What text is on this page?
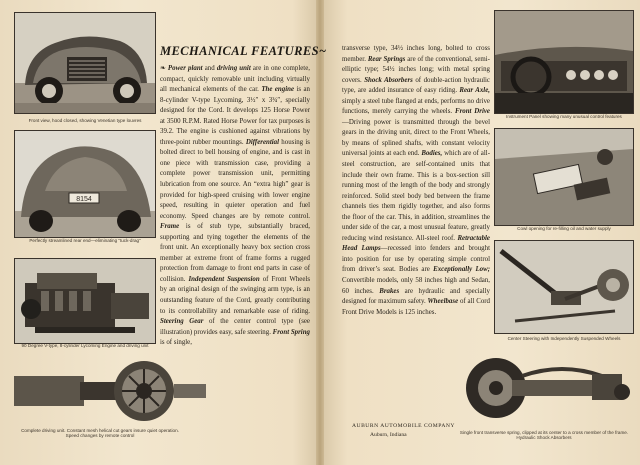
Front view, hood closed, showing Venetian type louvres
8154
Perfectly streamlined rear end—eliminating “tuck-drag”
90 Degree V-type, 8-cylinder Lycoming Engine and driving unit
Complete driving unit. Constant mesh helical cut gears insure quiet operation. Speed changes by remote control
MECHANICAL FEATURES~

❧ Power plant and driving unit are in one complete, compact, quickly removable unit including virtually all mechanical elements of the car. The engine is an 8-cylinder V-type Lycoming, 3½″ x 3¾″, specially designed for the Cord. It develops 125 Horse Power at 3500 R.P.M. Rated Horse Power for tax purposes is 39.2. The engine is cushioned against vibrations by three-point rubber mountings. Differential housing is bolted direct to bell housing of engine, and is cast in one piece with transmission case, providing a complete power transmission unit, permitting lubrication from one source. An “extra high” gear is provided for high-speed cruising with lower engine speed, resulting in quieter operation and fuel economy. Speed changes are by remote control. Frame is of stub type, substantially braced, supporting and tying together the elements of the front unit. An exceptionally heavy box section cross member at extreme front of frame forms a rugged protection from damage to front end parts in case of collision. Independent Suspension of Front Wheels by an original design of the swinging arm type, is an outstanding feature of the Cord, greatly contributing to its controllability and remarkable ease of riding. Steering Gear of the center control type (see illustration) provides easy, safe steering. Front Spring is of single,

transverse type, 34½ inches long, bolted to cross member. Rear Springs are of the conventional, semi-elliptic type; 54½ inches long; with metal spring covers. Shock Absorbers of double-action hydraulic type, are added insurance of easy riding. Rear Axle, simply a steel tube flanged at ends, performs no drive functions, merely carrying the wheels. Front Drive—Driving power is transmitted through the bevel gears in the driving unit, direct to the Front Wheels, by means of splined shafts, with constant velocity universal joints at each end. Bodies, which are of all-steel construction, are self-contained units that include their own frame. This is a box-section sill running most of the length of the body and strongly reinforced. Solid steel body bed between the frame channels ties them rigidly together, and also forms the floor of the car. This, in addition, streamlines the under side of the car, a most unusual feature, greatly reducing wind resistance. All-steel roof. Retractable Head Lamps—recessed into fenders and brought into position for use by operating simple control from driver’s seat. Bodies are Exceptionally Low; Convertible models, only 58 inches high and Sedan, 60 inches. Brakes are hydraulic and specially designed for maximum safety. Wheelbase of all Cord Front Drive Models is 125 inches.

AUBURN AUTOMOBILE COMPANY
Auburn, Indiana
Instrument Panel showing many unusual control features
Cowl opening for re-filling oil and water supply
Center Steering with Independently Suspended Wheels
Single front transverse spring, clipped at its center to a cross member of the frame. Hydraulic Shock Absorbers
